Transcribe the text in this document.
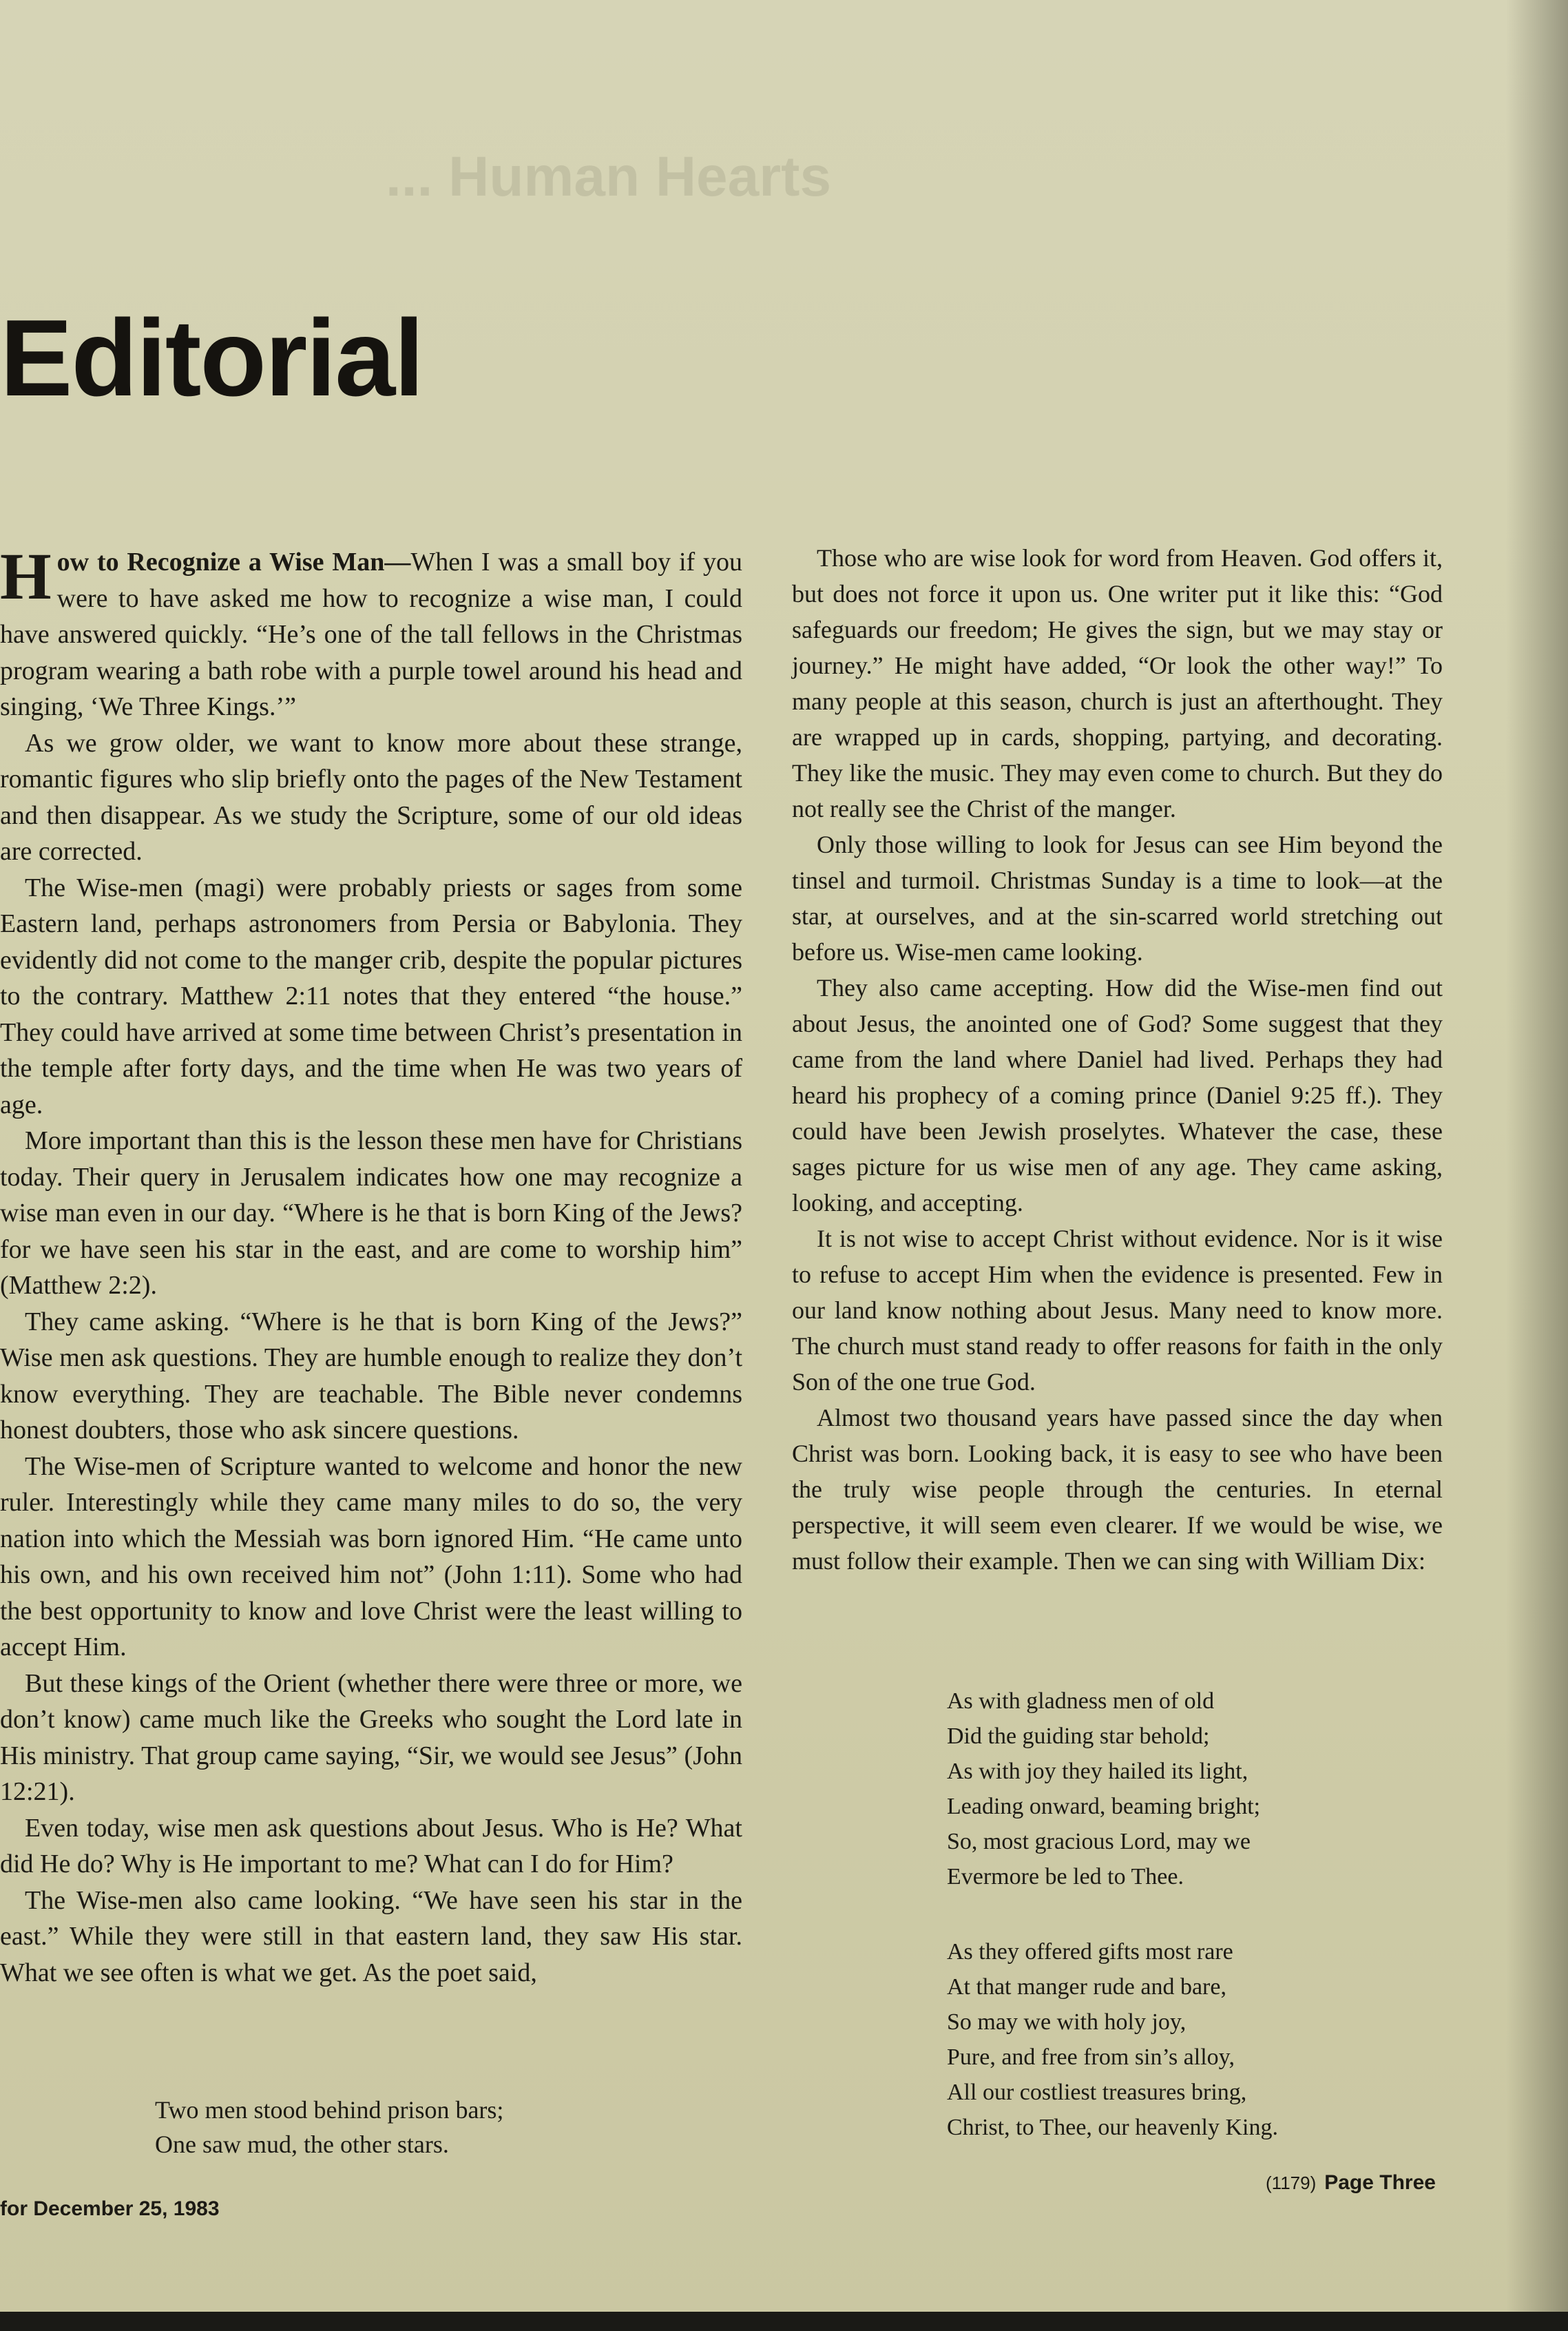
... Human Hearts
Editorial

How to Recognize a Wise Man—When I was a small boy if you were to have asked me how to recognize a wise man, I could have answered quickly. “He’s one of the tall fellows in the Christmas program wearing a bath robe with a purple towel around his head and singing, ‘We Three Kings.’”

As we grow older, we want to know more about these strange, romantic figures who slip briefly onto the pages of the New Testament and then disappear. As we study the Scripture, some of our old ideas are corrected.

The Wise-men (magi) were probably priests or sages from some Eastern land, perhaps astronomers from Persia or Babylonia. They evidently did not come to the manger crib, despite the popular pictures to the contrary. Matthew 2:11 notes that they entered “the house.” They could have arrived at some time between Christ’s presentation in the temple after forty days, and the time when He was two years of age.

More important than this is the lesson these men have for Christians today. Their query in Jerusalem indicates how one may recognize a wise man even in our day. “Where is he that is born King of the Jews? for we have seen his star in the east, and are come to worship him” (Matthew 2:2).

They came asking. “Where is he that is born King of the Jews?” Wise men ask questions. They are humble enough to realize they don’t know everything. They are teachable. The Bible never condemns honest doubters, those who ask sincere questions.

The Wise-men of Scripture wanted to welcome and honor the new ruler. Interestingly while they came many miles to do so, the very nation into which the Messiah was born ignored Him. “He came unto his own, and his own received him not” (John 1:11). Some who had the best opportunity to know and love Christ were the least willing to accept Him.

But these kings of the Orient (whether there were three or more, we don’t know) came much like the Greeks who sought the Lord late in His ministry. That group came saying, “Sir, we would see Jesus” (John 12:21).

Even today, wise men ask questions about Jesus. Who is He? What did He do? Why is He important to me? What can I do for Him?

The Wise-men also came looking. “We have seen his star in the east.” While they were still in that eastern land, they saw His star. What we see often is what we get. As the poet said,

Two men stood behind prison bars;
One saw mud, the other stars.

Those who are wise look for word from Heaven. God offers it, but does not force it upon us. One writer put it like this: “God safeguards our freedom; He gives the sign, but we may stay or journey.” He might have added, “Or look the other way!” To many people at this season, church is just an afterthought. They are wrapped up in cards, shopping, partying, and decorating. They like the music. They may even come to church. But they do not really see the Christ of the manger.

Only those willing to look for Jesus can see Him beyond the tinsel and turmoil. Christmas Sunday is a time to look—at the star, at ourselves, and at the sin-scarred world stretching out before us. Wise-men came looking.

They also came accepting. How did the Wise-men find out about Jesus, the anointed one of God? Some suggest that they came from the land where Daniel had lived. Perhaps they had heard his prophecy of a coming prince (Daniel 9:25 ff.). They could have been Jewish proselytes. Whatever the case, these sages picture for us wise men of any age. They came asking, looking, and accepting.

It is not wise to accept Christ without evidence. Nor is it wise to refuse to accept Him when the evidence is presented. Few in our land know nothing about Jesus. Many need to know more. The church must stand ready to offer reasons for faith in the only Son of the one true God.

Almost two thousand years have passed since the day when Christ was born. Looking back, it is easy to see who have been the truly wise people through the centuries. In eternal perspective, it will seem even clearer. If we would be wise, we must follow their example. Then we can sing with William Dix:

As with gladness men of old
Did the guiding star behold;
As with joy they hailed its light,
Leading onward, beaming bright;
So, most gracious Lord, may we
Evermore be led to Thee.
As they offered gifts most rare
At that manger rude and bare,
So may we with holy joy,
Pure, and free from sin’s alloy,
All our costliest treasures bring,
Christ, to Thee, our heavenly King.
for December 25, 1983
(1179) Page Three
